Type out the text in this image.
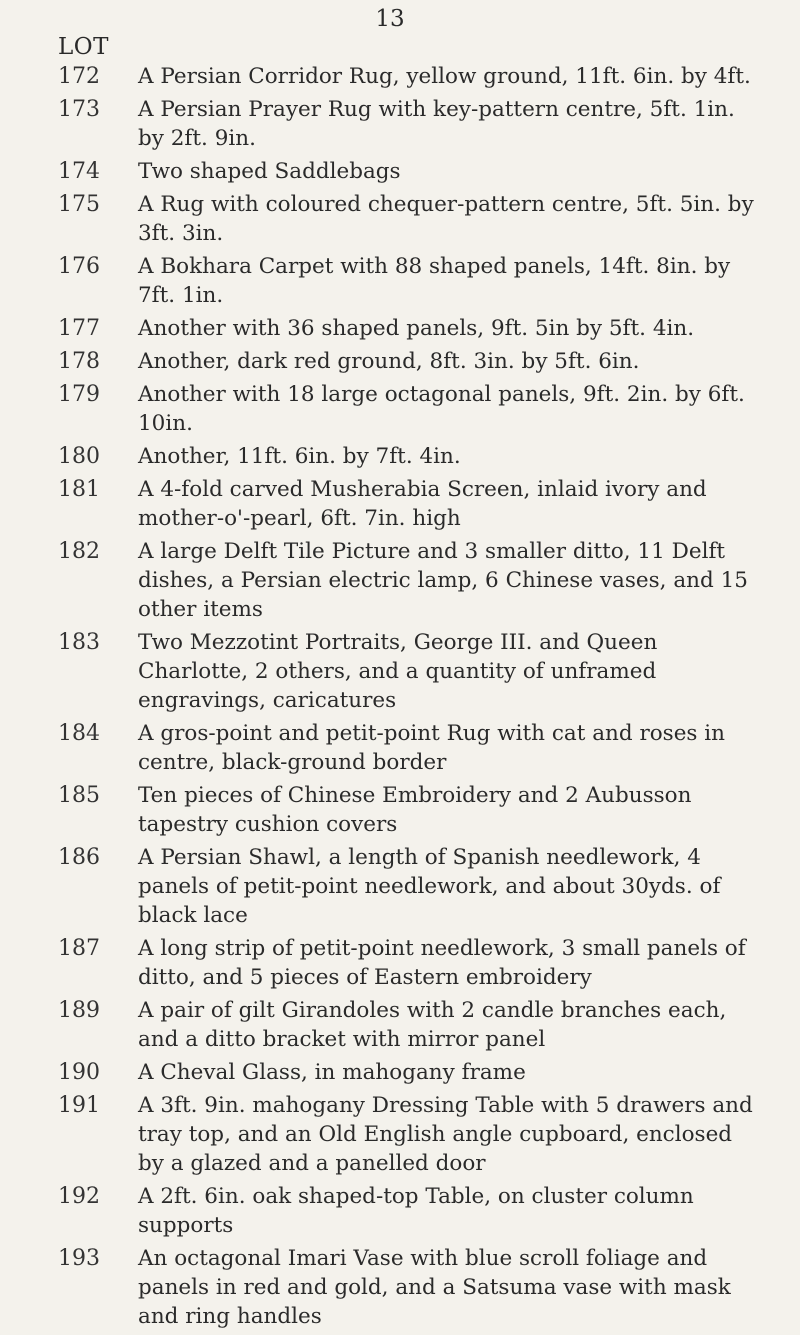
13
LOT
172	A Persian Corridor Rug, yellow ground, 11ft. 6in. by 4ft.
173	A Persian Prayer Rug with key-pattern centre, 5ft. 1in. by 2ft. 9in.
174	Two shaped Saddlebags
175	A Rug with coloured chequer-pattern centre, 5ft. 5in. by 3ft. 3in.
176	A Bokhara Carpet with 88 shaped panels, 14ft. 8in. by 7ft. 1in.
177	Another with 36 shaped panels, 9ft. 5in by 5ft. 4in.
178	Another, dark red ground, 8ft. 3in. by 5ft. 6in.
179	Another with 18 large octagonal panels, 9ft. 2in. by 6ft. 10in.
180	Another, 11ft. 6in. by 7ft. 4in.
181	A 4-fold carved Musherabia Screen, inlaid ivory and mother-o'-pearl, 6ft. 7in. high
182	A large Delft Tile Picture and 3 smaller ditto, 11 Delft dishes, a Persian electric lamp, 6 Chinese vases, and 15 other items
183	Two Mezzotint Portraits, George III. and Queen Charlotte, 2 others, and a quantity of unframed engravings, caricatures
184	A gros-point and petit-point Rug with cat and roses in centre, black-ground border
185	Ten pieces of Chinese Embroidery and 2 Aubusson tapestry cushion covers
186	A Persian Shawl, a length of Spanish needlework, 4 panels of petit-point needlework, and about 30yds. of black lace
187	A long strip of petit-point needlework, 3 small panels of ditto, and 5 pieces of Eastern embroidery
189	A pair of gilt Girandoles with 2 candle branches each, and a ditto bracket with mirror panel
190	A Cheval Glass, in mahogany frame
191	A 3ft. 9in. mahogany Dressing Table with 5 drawers and tray top, and an Old English angle cupboard, enclosed by a glazed and a panelled door
192	A 2ft. 6in. oak shaped-top Table, on cluster column supports
193	An octagonal Imari Vase with blue scroll foliage and panels in red and gold, and a Satsuma vase with mask and ring handles
